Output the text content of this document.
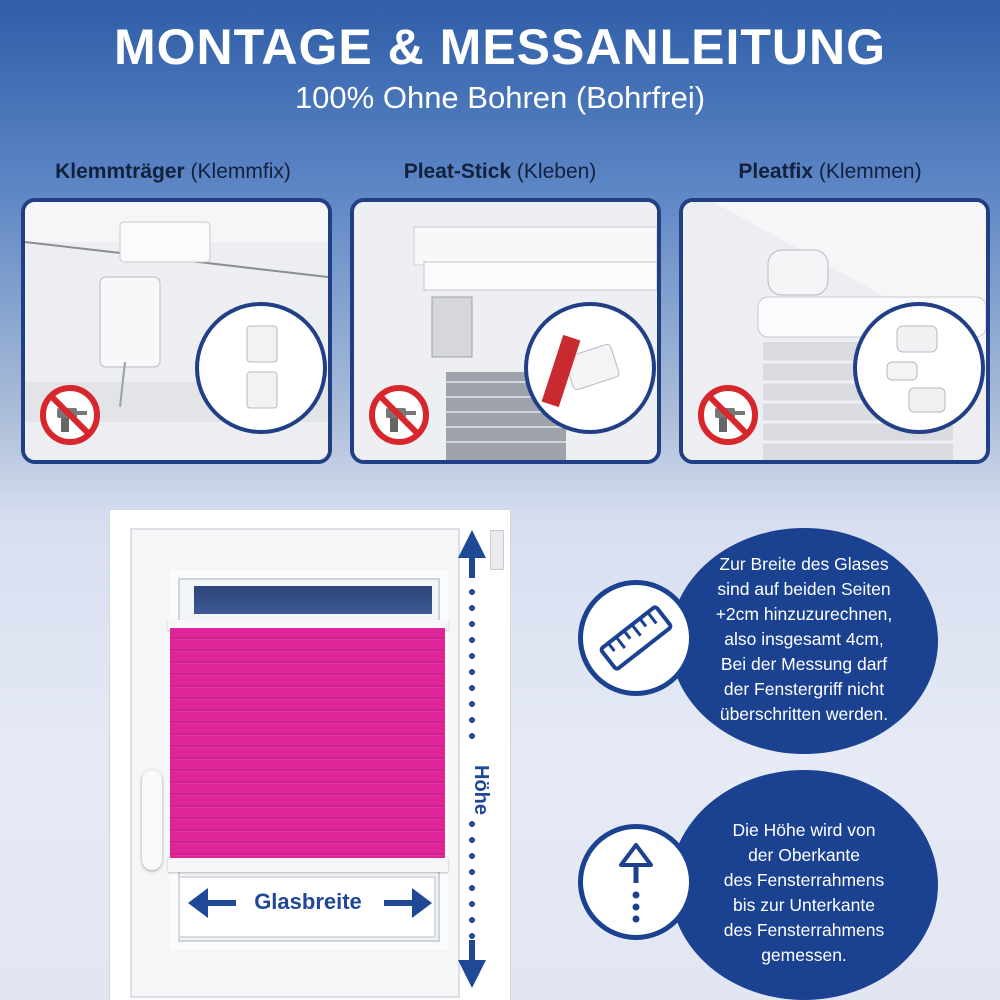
MONTAGE & MESSANLEITUNG
100% Ohne Bohren (Bohrfrei)
Klemmträger (Klemmfix)	Pleat-Stick (Kleben)	Pleatfix (Klemmen)
Glasbreite
Höhe
Zur Breite des Glases
sind auf beiden Seiten
+2cm hinzuzurechnen,
also insgesamt 4cm,
Bei der Messung darf
der Fenstergriff nicht
überschritten werden.
Die Höhe wird von
der Oberkante
des Fensterrahmens
bis zur Unterkante
des Fensterrahmens
gemessen.
